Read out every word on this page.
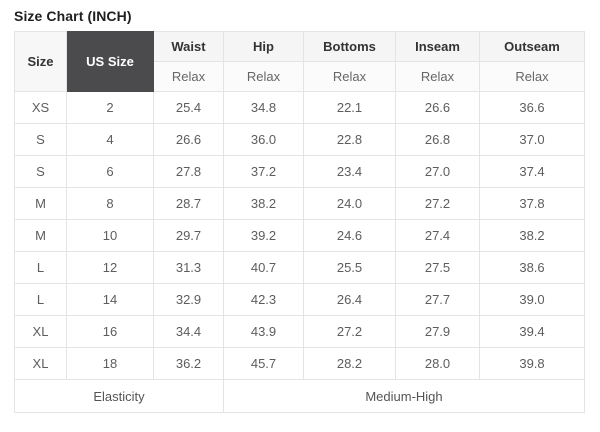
Size Chart (INCH)
Size	US Size	Waist	Hip	Bottoms	Inseam	Outseam
		Relax	Relax	Relax	Relax	Relax
XS	2	25.4	34.8	22.1	26.6	36.6
S	4	26.6	36.0	22.8	26.8	37.0
S	6	27.8	37.2	23.4	27.0	37.4
M	8	28.7	38.2	24.0	27.2	37.8
M	10	29.7	39.2	24.6	27.4	38.2
L	12	31.3	40.7	25.5	27.5	38.6
L	14	32.9	42.3	26.4	27.7	39.0
XL	16	34.4	43.9	27.2	27.9	39.4
XL	18	36.2	45.7	28.2	28.0	39.8
Elasticity			Medium-High			
